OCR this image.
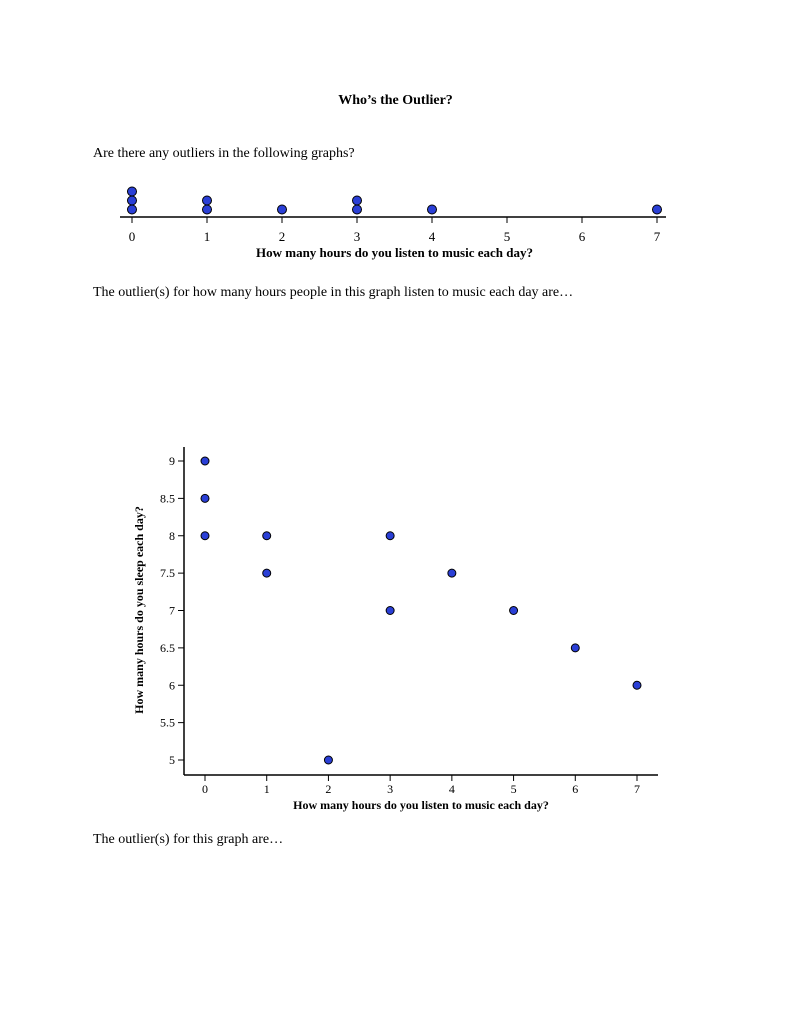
Who’s the Outlier?
Are there any outliers in the following graphs?
0	1	2	3	4	5	6	7
How many hours do you listen to music each day?
The outlier(s) for how many hours people in this graph listen to music each day are…
5
5.5
6
6.5
7
7.5
8
8.5
9
0	1	2	3	4	5	6	7
How many hours do you listen to music each day?
How many hours do you sleep each day?
The outlier(s) for this graph are…
